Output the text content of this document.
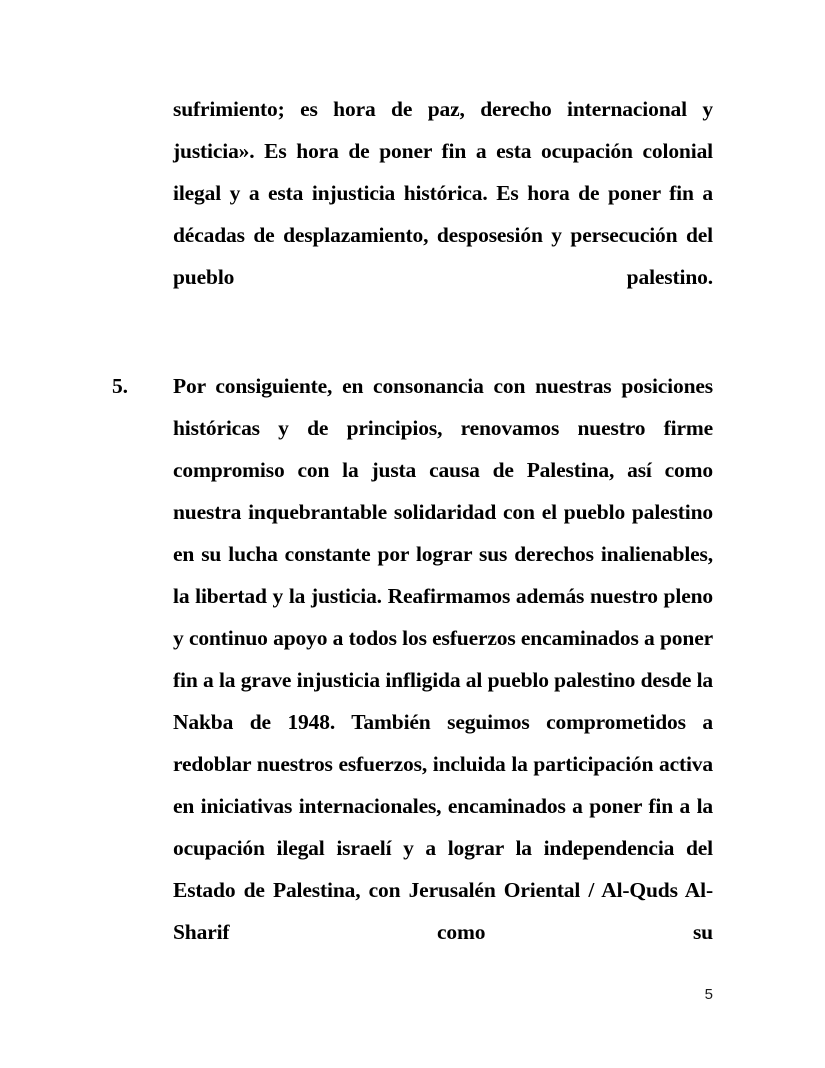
sufrimiento; es hora de paz, derecho internacional y justicia». Es hora de poner fin a esta ocupación colonial ilegal y a esta injusticia histórica. Es hora de poner fin a décadas de desplazamiento, desposesión y persecución del pueblo palestino.

5.	Por consiguiente, en consonancia con nuestras posiciones históricas y de principios, renovamos nuestro firme compromiso con la justa causa de Palestina, así como nuestra inquebrantable solidaridad con el pueblo palestino en su lucha constante por lograr sus derechos inalienables, la libertad y la justicia. Reafirmamos además nuestro pleno y continuo apoyo a todos los esfuerzos encaminados a poner fin a la grave injusticia infligida al pueblo palestino desde la Nakba de 1948. También seguimos comprometidos a redoblar nuestros esfuerzos, incluida la participación activa en iniciativas internacionales, encaminados a poner fin a la ocupación ilegal israelí y a lograr la independencia del Estado de Palestina, con Jerusalén Oriental / Al-Quds Al-Sharif como su

5
